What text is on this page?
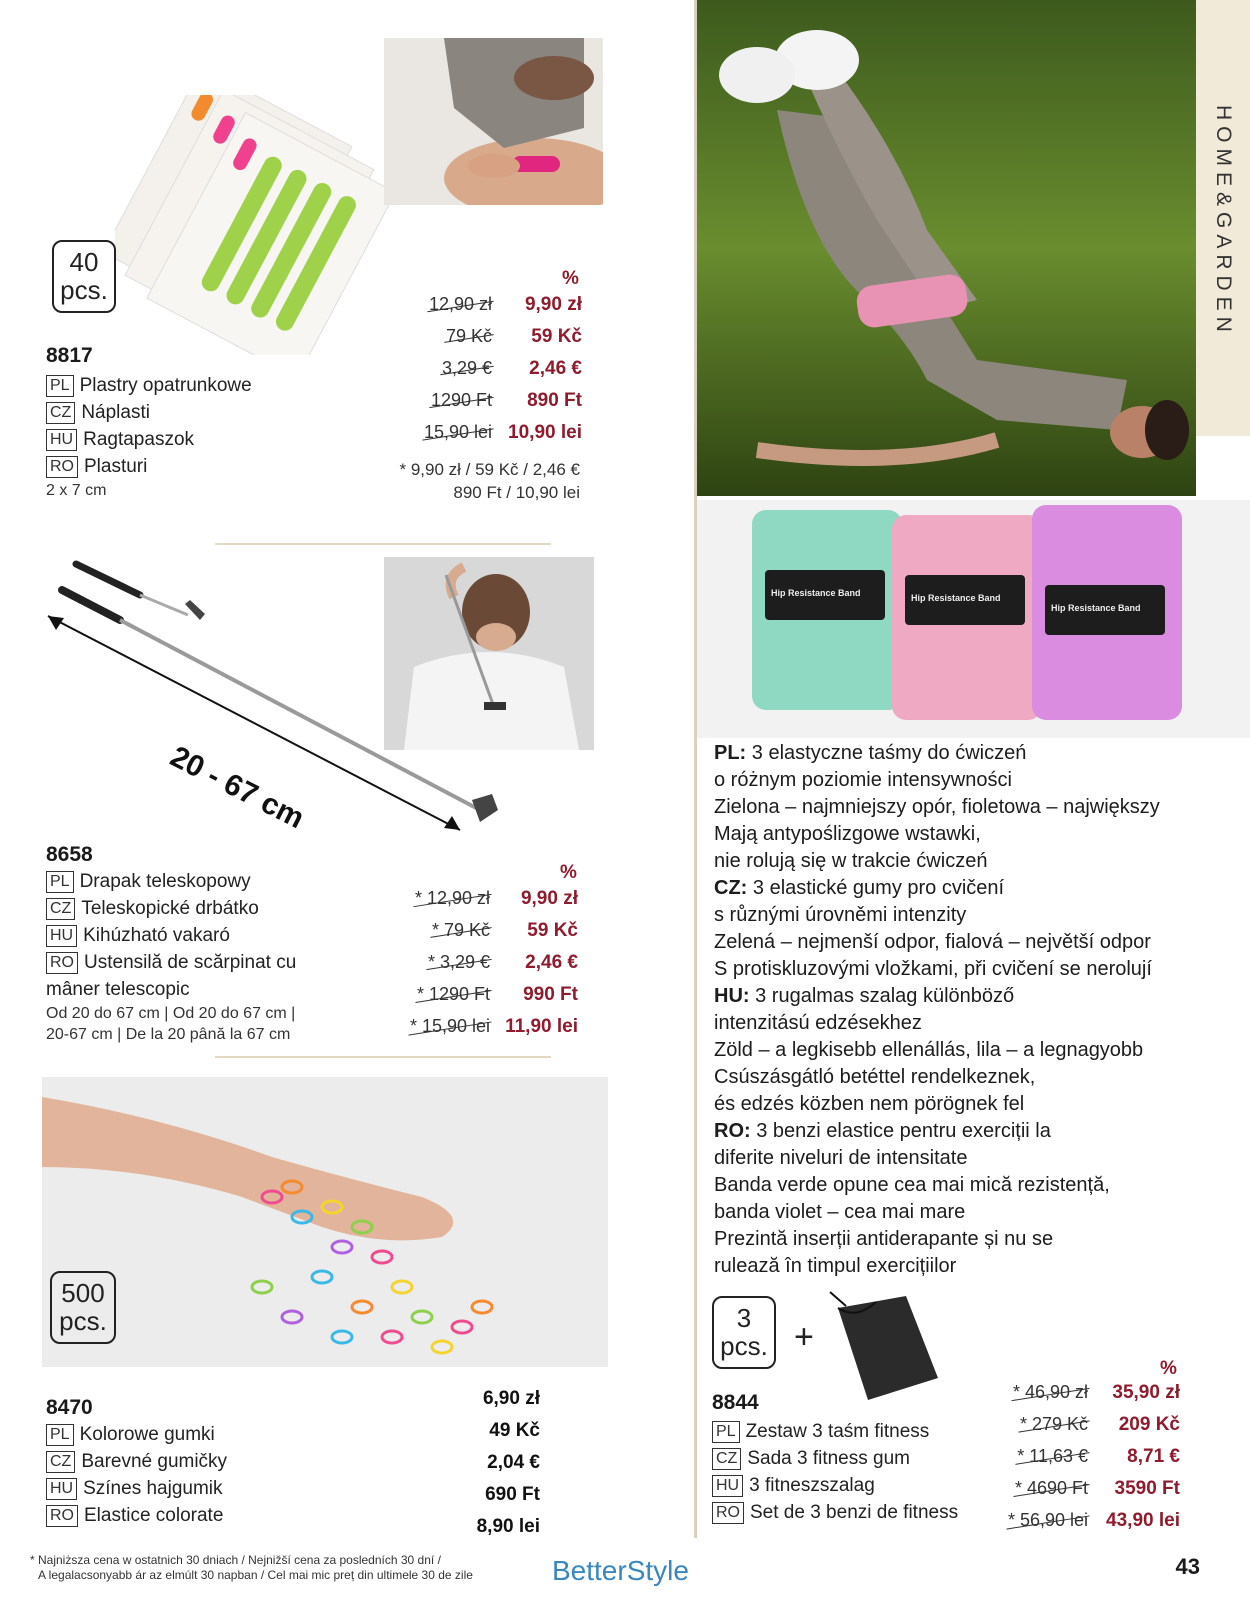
40
pcs.
8817
PL Plastry opatrunkowe
CZ Náplasti
HU Ragtapaszok
RO Plasturi
2 x 7 cm
%
12,90 zł 9,90 zł
79 Kč 59 Kč
3,29 € 2,46 €
1290 Ft 890 Ft
15,90 lei 10,90 lei
* 9,90 zł / 59 Kč / 2,46 €
890 Ft / 10,90 lei
20 - 67 cm
8658
PL Drapak teleskopowy
CZ Teleskopické drbátko
HU Kihúzható vakaró
RO Ustensilă de scărpinat cu
mâner telescopic
Od 20 do 67 cm | Od 20 do 67 cm |
20-67 cm | De la 20 până la 67 cm
%
* 12,90 zł 9,90 zł
* 79 Kč 59 Kč
* 3,29 € 2,46 €
* 1290 Ft 990 Ft
* 15,90 lei 11,90 lei
500
pcs.
8470
PL Kolorowe gumki
CZ Barevné gumičky
HU Színes hajgumik
RO Elastice colorate
6,90 zł
49 Kč
2,04 €
690 Ft
8,90 lei
HOME&GARDEN
Hip Resistance Band	Hip Resistance Band
Hip Resistance Band
PL: 3 elastyczne taśmy do ćwiczeń
o różnym poziomie intensywności
Zielona – najmniejszy opór, fioletowa – największy
Mają antypoślizgowe wstawki,
nie rolują się w trakcie ćwiczeń
CZ: 3 elastické gumy pro cvičení
s různými úrovněmi intenzity
Zelená – nejmenší odpor, fialová – největší odpor
S protiskluzovými vložkami, při cvičení se nerolují
HU: 3 rugalmas szalag különböző
intenzitású edzésekhez
Zöld – a legkisebb ellenállás, lila – a legnagyobb
Csúszásgátló betéttel rendelkeznek,
és edzés közben nem pörögnek fel
RO: 3 benzi elastice pentru exerciții la
diferite niveluri de intensitate
Banda verde opune cea mai mică rezistență,
banda violet – cea mai mare
Prezintă inserții antiderapante și nu se
rulează în timpul exercițiilor
3
pcs. +
8844
PL Zestaw 3 taśm fitness
CZ Sada 3 fitness gum
HU 3 fitneszszalag
RO Set de 3 benzi de fitness
%
* 46,90 zł 35,90 zł
* 279 Kč 209 Kč
* 11,63 € 8,71 €
* 4690 Ft 3590 Ft
* 56,90 lei 43,90 lei
* Najniższa cena w ostatnich 30 dniach / Nejnižší cena za posledních 30 dní /
A legalacsonyabb ár az elmúlt 30 napban / Cel mai mic preț din ultimele 30 de zile	BetterStyle	43
